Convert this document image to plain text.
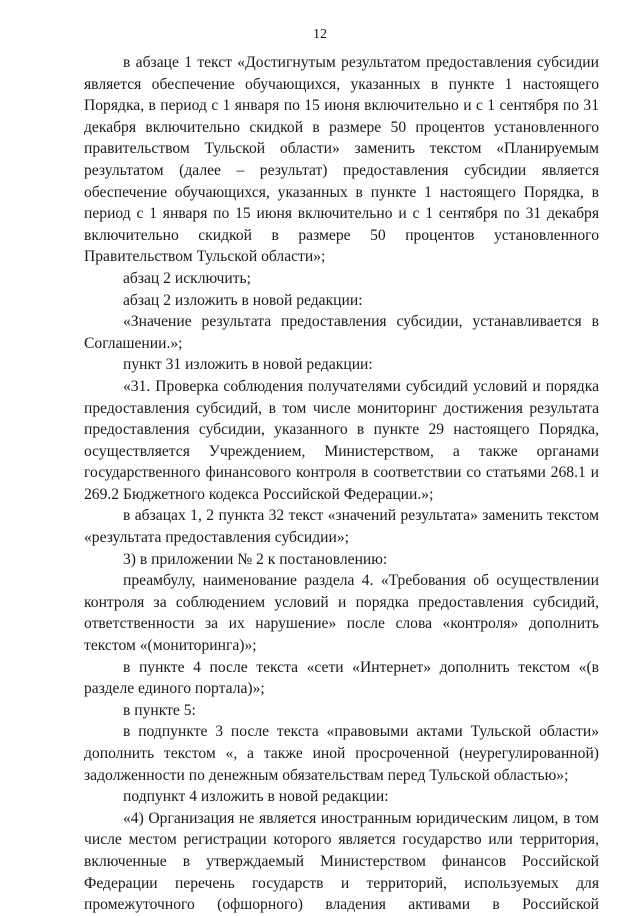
12

в абзаце 1 текст «Достигнутым результатом предоставления субсидии является обеспечение обучающихся, указанных в пункте 1 настоящего Порядка, в период с 1 января по 15 июня включительно и с 1 сентября по 31 декабря включительно скидкой в размере 50 процентов установленного правительством Тульской области» заменить текстом «Планируемым результатом (далее – результат) предоставления субсидии является обеспечение обучающихся, указанных в пункте 1 настоящего Порядка, в период с 1 января по 15 июня включительно и с 1 сентября по 31 декабря включительно скидкой в размере 50 процентов установленного Правительством Тульской области»;

абзац 2 исключить;

абзац 2 изложить в новой редакции:

«Значение результата предоставления субсидии, устанавливается в Соглашении.»;

пункт 31 изложить в новой редакции:

«31. Проверка соблюдения получателями субсидий условий и порядка предоставления субсидий, в том числе мониторинг достижения результата предоставления субсидии, указанного в пункте 29 настоящего Порядка, осуществляется Учреждением, Министерством, а также органами государственного финансового контроля в соответствии со статьями 268.1 и 269.2 Бюджетного кодекса Российской Федерации.»;

в абзацах 1, 2 пункта 32 текст «значений результата» заменить текстом «результата предоставления субсидии»;

3) в приложении № 2 к постановлению:

преамбулу, наименование раздела 4. «Требования об осуществлении контроля за соблюдением условий и порядка предоставления субсидий, ответственности за их нарушение» после слова «контроля» дополнить текстом «(мониторинга)»;

в пункте 4 после текста «сети «Интернет» дополнить текстом «(в разделе единого портала)»;

в пункте 5:

в подпункте 3 после текста «правовыми актами Тульской области» дополнить текстом «, а также иной просроченной (неурегулированной) задолженности по денежным обязательствам перед Тульской областью»;

подпункт 4 изложить в новой редакции:

«4) Организация не является иностранным юридическим лицом, в том числе местом регистрации которого является государство или территория, включенные в утверждаемый Министерством финансов Российской Федерации перечень государств и территорий, используемых для промежуточного (офшорного) владения активами в Российской
